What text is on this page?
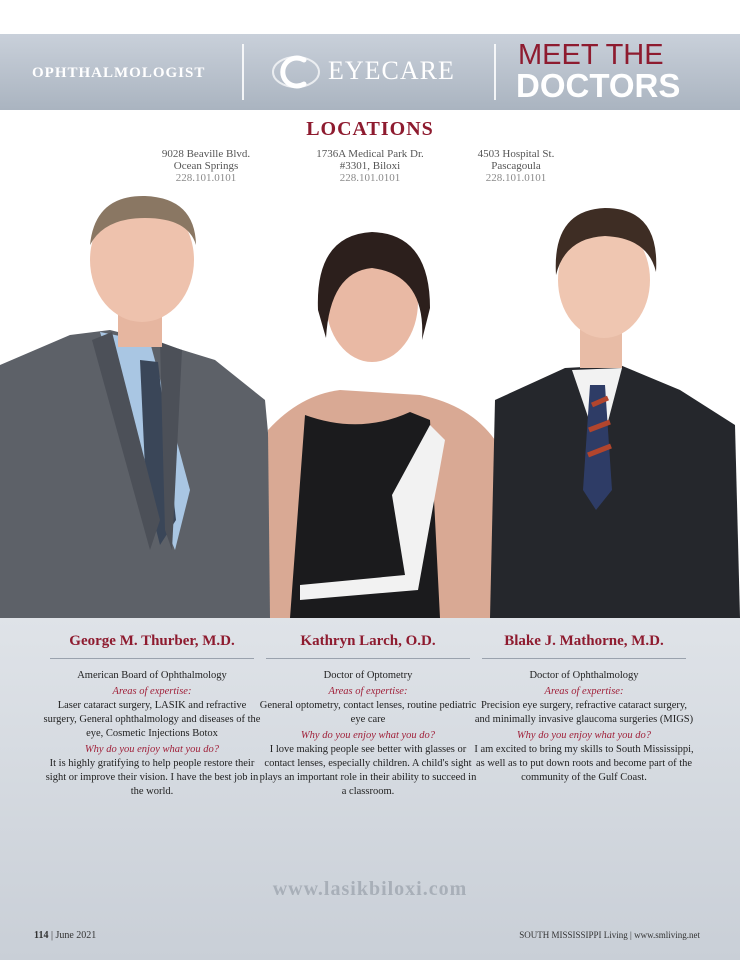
OPHTHALMOLOGIST	EYECARE MEET THE
DOCTORS
LOCATIONS
9028 Beaville Blvd.
Ocean Springs
228.101.0101
1736A Medical Park Dr.
#3301, Biloxi
228.101.0101
4503 Hospital St.
Pascagoula
228.101.0101
George M. Thurber, M.D.
American Board of Ophthalmology
Areas of expertise:
Laser cataract surgery, LASIK and refractive surgery, General ophthalmology and diseases of the eye, Cosmetic Injections Botox
Why do you enjoy what you do?
It is highly gratifying to help people restore their sight or improve their vision. I have the best job in the world.
Kathryn Larch, O.D.
Doctor of Optometry
Areas of expertise:
General optometry, contact lenses, routine pediatric eye care
Why do you enjoy what you do?
I love making people see better with glasses or contact lenses, especially children. A child's sight plays an important role in their ability to succeed in a classroom.
Blake J. Mathorne, M.D.
Doctor of Ophthalmology
Areas of expertise:
Precision eye surgery, refractive cataract surgery, and minimally invasive glaucoma surgeries (MIGS)
Why do you enjoy what you do?
I am excited to bring my skills to South Mississippi, as well as to put down roots and become part of the community of the Gulf Coast.
www.lasikbiloxi.com
114 | June 2021	SOUTH MISSISSIPPI Living | www.smliving.net
